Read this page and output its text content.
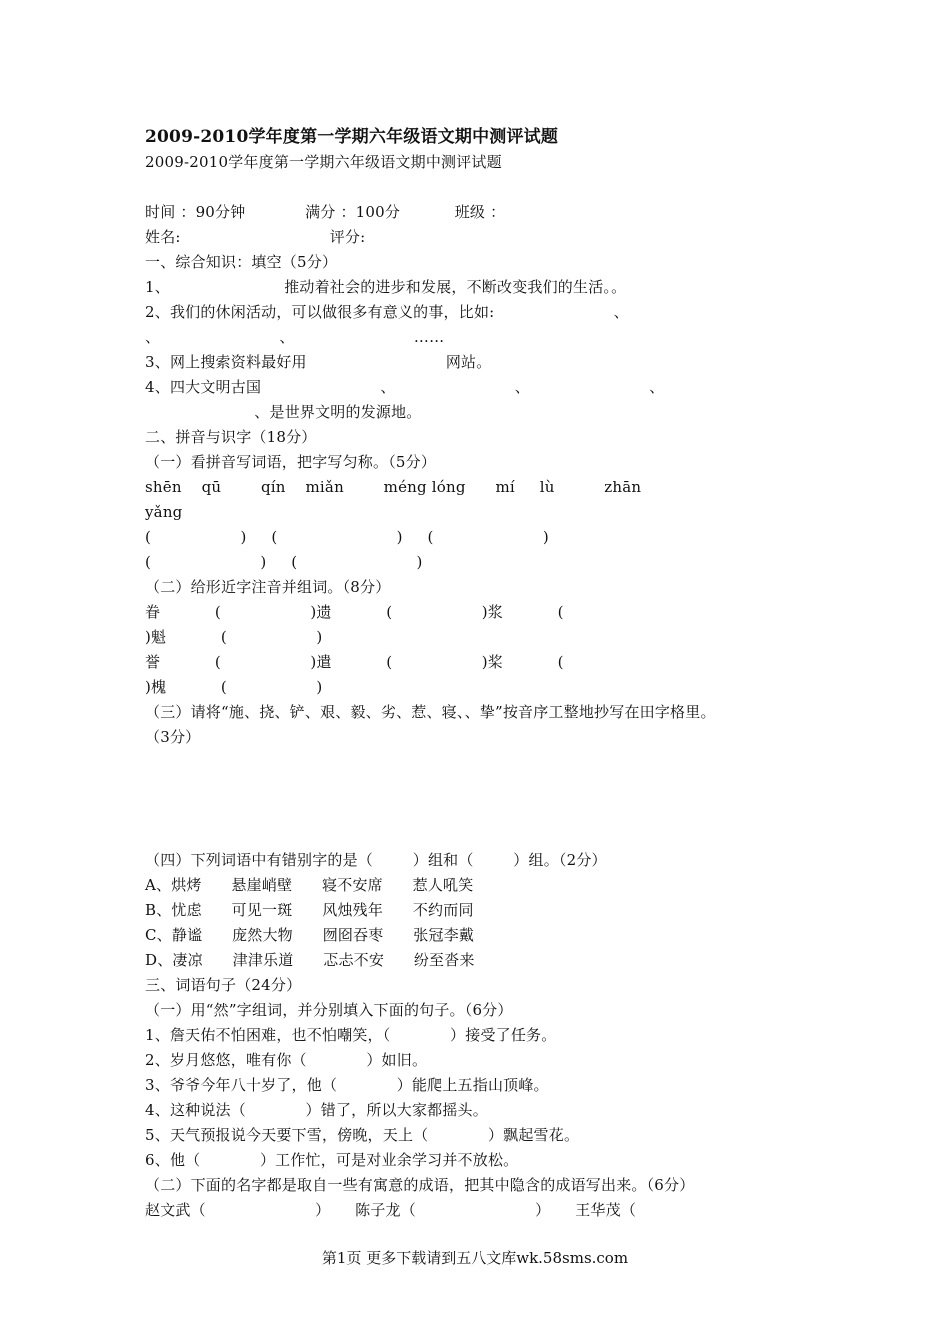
2009-2010学年度第一学期六年级语文期中测评试题
2009-2010学年度第一学期六年级语文期中测评试题
时间 ：90分钟            满分 ：100分           班级 ：
姓名:                              评分:
一、综合知识：填空（5分）
1、                       推动着社会的进步和发展，不断改变我们的生活。。
2、我们的休闲活动，可以做很多有意义的事，比如:                        、
、                        、                        ……
3、网上搜索资料最好用                            网站。
4、四大文明古国                        、                        、                        、
、是世界文明的发源地。
二、拼音与识字（18分）
（一）看拼音写词语，把字写匀称。（5分）
shēn    qū        qín    miǎn        méng lóng      mí     lù          zhān
yǎng
(                  )     (                        )     (                      )
(                      )     (                        )
（二）给形近字注音并组词。（8分）
眷           (                  )遗           (                  )浆           (
)魁           (                  )
誉           (                  )遣           (                  )桨           (
)槐           (                  )
（三）请将“施、挠、铲、艰、毅、劣、惹、寝、、挚”按音序工整地抄写在田字格里。
（3分）
（四）下列词语中有错别字的是（        ）组和（        ）组。（2分）
A、烘烤      悬崖峭壁      寝不安席      惹人吼笑
B、忧虑      可见一斑      风烛残年      不约而同
C、静谧      庞然大物      囫囵吞枣      张冠李戴
D、凄凉      津津乐道      忑忐不安      纷至沓来
三、词语句子（24分）
（一）用“然”字组词，并分别填入下面的句子。（6分）
1、詹天佑不怕困难，也不怕嘲笑，（            ）接受了任务。
2、岁月悠悠，唯有你（            ）如旧。
3、爷爷今年八十岁了，他（            ）能爬上五指山顶峰。
4、这种说法（            ）错了，所以大家都摇头。
5、天气预报说今天要下雪，傍晚，天上（            ）飘起雪花。
6、他（            ）工作忙，可是对业余学习并不放松。
（二）下面的名字都是取自一些有寓意的成语，把其中隐含的成语写出来。（6分）
赵文武（                      ）     陈子龙（                        ）     王华茂（
第1页 更多下载请到五八文库wk.58sms.com
